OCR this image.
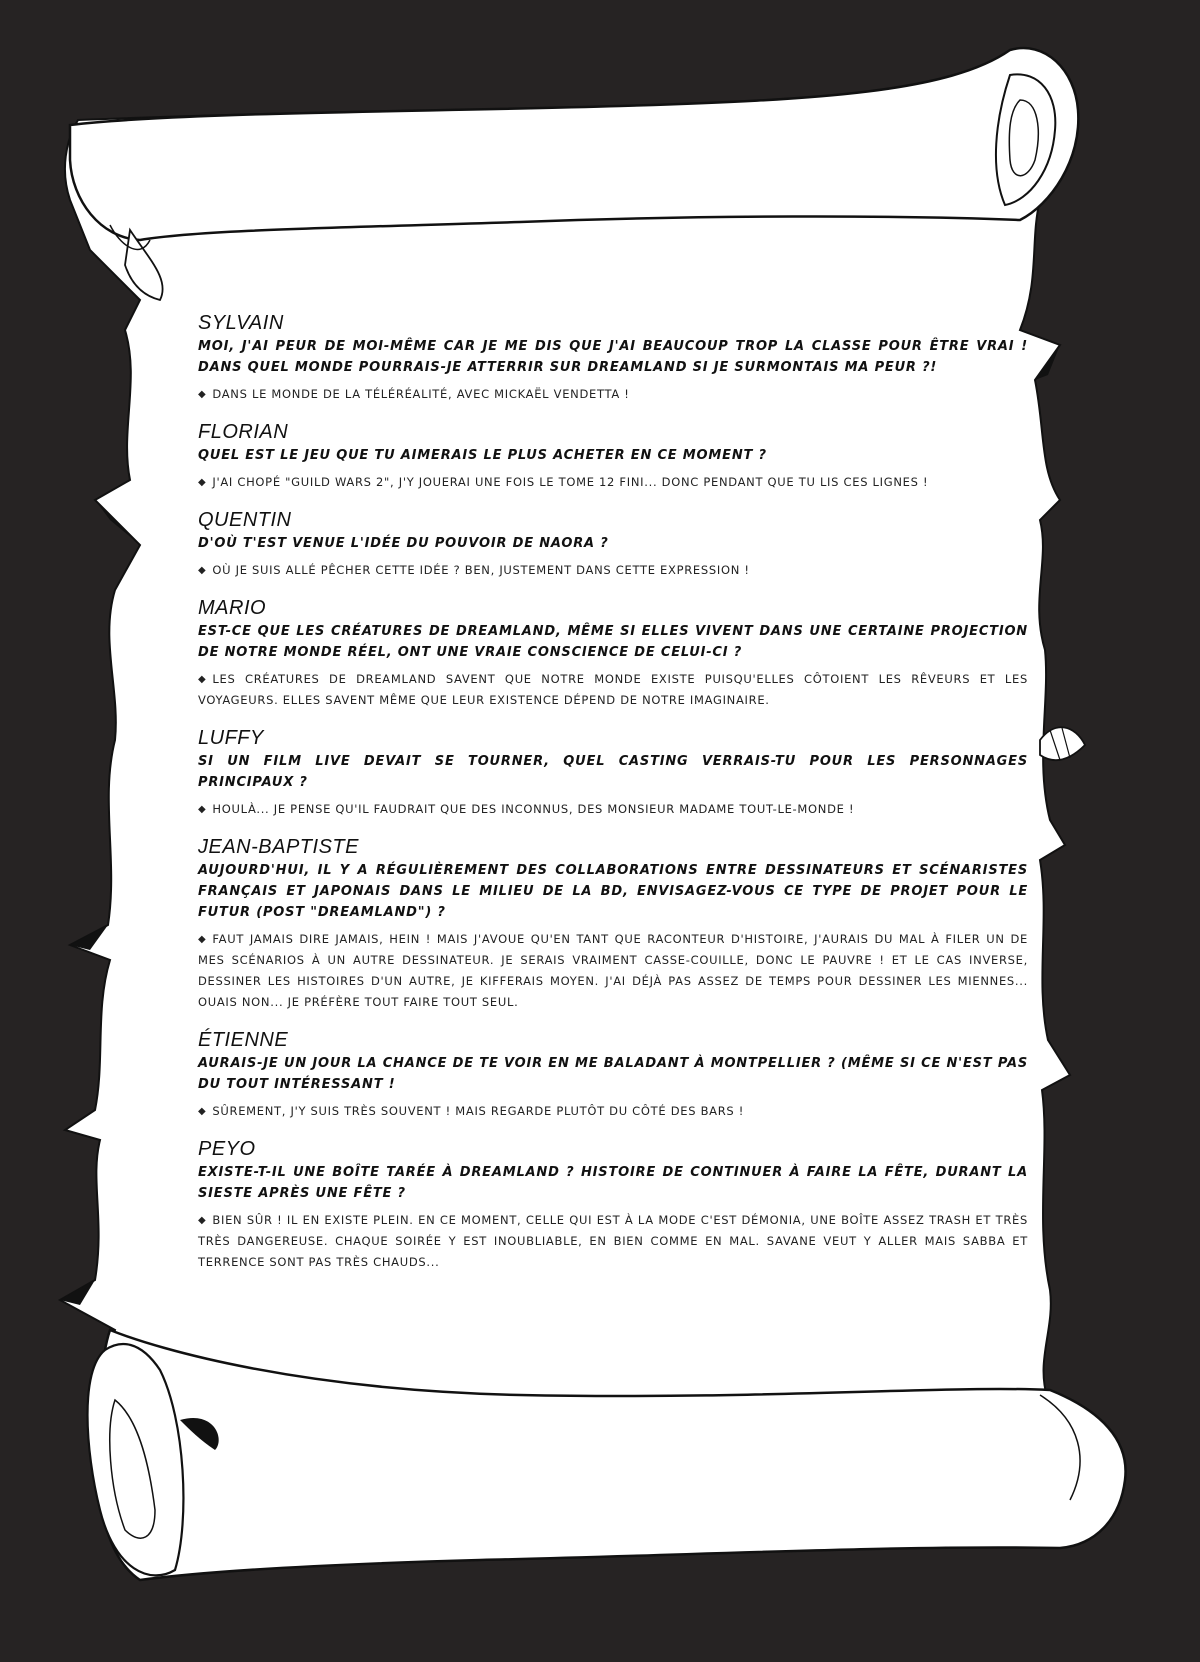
SYLVAIN
MOI, J'AI PEUR DE MOI-MÊME CAR JE ME DIS QUE J'AI BEAUCOUP TROP LA CLASSE POUR ÊTRE VRAI ! DANS QUEL MONDE POURRAIS-JE ATTERRIR SUR DREAMLAND SI JE SURMONTAIS MA PEUR ?!
◆ DANS LE MONDE DE LA TÉLÉRÉALITÉ, AVEC MICKAËL VENDETTA !
FLORIAN
QUEL EST LE JEU QUE TU AIMERAIS LE PLUS ACHETER EN CE MOMENT ?
◆ J'AI CHOPÉ "GUILD WARS 2", J'Y JOUERAI UNE FOIS LE TOME 12 FINI... DONC PENDANT QUE TU LIS CES LIGNES !
QUENTIN
D'OÙ T'EST VENUE L'IDÉE DU POUVOIR DE NAORA ?
◆ OÙ JE SUIS ALLÉ PÊCHER CETTE IDÉE ? BEN, JUSTEMENT DANS CETTE EXPRESSION !
MARIO
EST-CE QUE LES CRÉATURES DE DREAMLAND, MÊME SI ELLES VIVENT DANS UNE CERTAINE PROJECTION DE NOTRE MONDE RÉEL, ONT UNE VRAIE CONSCIENCE DE CELUI-CI ?
◆ LES CRÉATURES DE DREAMLAND SAVENT QUE NOTRE MONDE EXISTE PUISQU'ELLES CÔTOIENT LES RÊVEURS ET LES VOYAGEURS. ELLES SAVENT MÊME QUE LEUR EXISTENCE DÉPEND DE NOTRE IMAGINAIRE.
LUFFY
SI UN FILM LIVE DEVAIT SE TOURNER, QUEL CASTING VERRAIS-TU POUR LES PERSONNAGES PRINCIPAUX ?
◆ HOULÀ... JE PENSE QU'IL FAUDRAIT QUE DES INCONNUS, DES MONSIEUR MADAME TOUT-LE-MONDE !
JEAN-BAPTISTE
AUJOURD'HUI, IL Y A RÉGULIÈREMENT DES COLLABORATIONS ENTRE DESSINATEURS ET SCÉNARISTES FRANÇAIS ET JAPONAIS DANS LE MILIEU DE LA BD, ENVISAGEZ-VOUS CE TYPE DE PROJET POUR LE FUTUR (POST "DREAMLAND") ?
◆ FAUT JAMAIS DIRE JAMAIS, HEIN ! MAIS J'AVOUE QU'EN TANT QUE RACONTEUR D'HISTOIRE, J'AURAIS DU MAL À FILER UN DE MES SCÉNARIOS À UN AUTRE DESSINATEUR. JE SERAIS VRAIMENT CASSE-COUILLE, DONC LE PAUVRE ! ET LE CAS INVERSE, DESSINER LES HISTOIRES D'UN AUTRE, JE KIFFERAIS MOYEN. J'AI DÉJÀ PAS ASSEZ DE TEMPS POUR DESSINER LES MIENNES... OUAIS NON... JE PRÉFÈRE TOUT FAIRE TOUT SEUL.
ÉTIENNE
AURAIS-JE UN JOUR LA CHANCE DE TE VOIR EN ME BALADANT À MONTPELLIER ? (MÊME SI CE N'EST PAS DU TOUT INTÉRESSANT !
◆ SÛREMENT, J'Y SUIS TRÈS SOUVENT ! MAIS REGARDE PLUTÔT DU CÔTÉ DES BARS !
PEYO
EXISTE-T-IL UNE BOÎTE TARÉE À DREAMLAND ? HISTOIRE DE CONTINUER À FAIRE LA FÊTE, DURANT LA SIESTE APRÈS UNE FÊTE ?
◆ BIEN SÛR ! IL EN EXISTE PLEIN. EN CE MOMENT, CELLE QUI EST À LA MODE C'EST DÉMONIA, UNE BOÎTE ASSEZ TRASH ET TRÈS TRÈS DANGEREUSE. CHAQUE SOIRÉE Y EST INOUBLIABLE, EN BIEN COMME EN MAL. SAVANE VEUT Y ALLER MAIS SABBA ET TERRENCE SONT PAS TRÈS CHAUDS...
